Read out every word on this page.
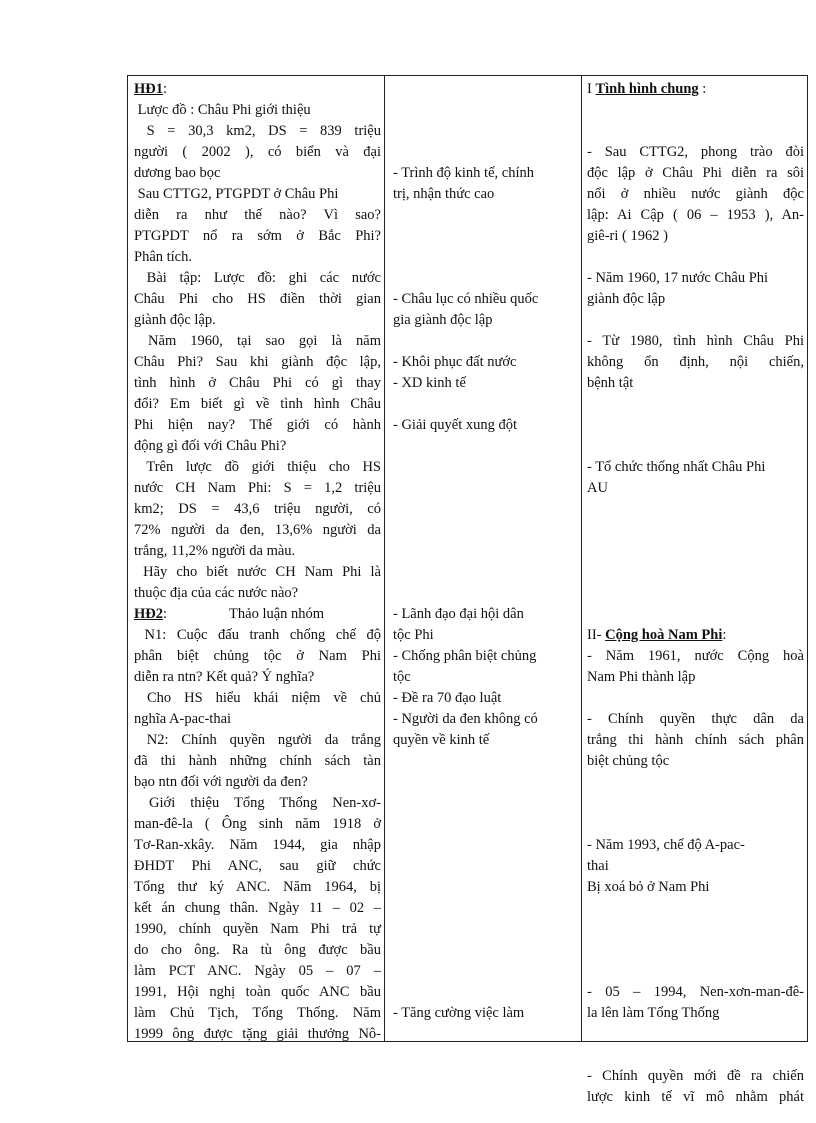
HĐ1:
Lược đồ : Châu Phi giới thiệu
S = 30,3 km2, DS = 839 triệu
người ( 2002 ), có biển và đại
dương bao bọc
Sau CTTG2, PTGPDT ở Châu Phi
diễn ra như thế nào? Vì sao?
PTGPDT nổ ra sớm ở Bắc Phi?
Phân tích.
Bài tập: Lược đồ: ghi các nước
Châu Phi cho HS điền thời gian
giành độc lập.
Năm 1960, tại sao gọi là năm
Châu Phi? Sau khi giành độc lập,
tình hình ở Châu Phi có gì thay
đổi? Em biết gì về tình hình Châu
Phi hiện nay? Thế giới có hành
động gì đối với Châu Phi?
Trên lược đồ giới thiệu cho HS
nước CH Nam Phi: S = 1,2 triệu
km2; DS = 43,6 triệu người, có
72% người da đen, 13,6% người da
trắng, 11,2% người da màu.
Hãy cho biết nước CH Nam Phi là
thuộc địa của các nước nào?
HĐ2:	Thảo luận nhóm
N1: Cuộc đấu tranh chống chế độ
phân biệt chủng tộc ở Nam Phi
diễn ra ntn? Kết quả? Ý nghĩa?
Cho HS hiểu khái niệm về chủ
nghĩa A-pac-thai
N2: Chính quyền người da trắng
đã thi hành những chính sách tàn
bạo ntn đối với người da đen?
Giới thiệu Tổng Thống Nen-xơ-
man-đê-la ( Ông sinh năm 1918 ở
Tơ-Ran-xkây. Năm 1944, gia nhập
ĐHDT Phi ANC, sau giữ chức
Tổng thư ký ANC. Năm 1964, bị
kết án chung thân. Ngày 11 – 02 –
1990, chính quyền Nam Phi trả tự
do cho ông. Ra tù ông được bầu
làm PCT ANC. Ngày 05 – 07 –
1991, Hội nghị toàn quốc ANC bầu
làm Chủ Tịch, Tổng Thống. Năm
1999 ông được tặng giải thưởng Nô-
- Trình độ kinh tế, chính
trị, nhận thức cao
- Châu lục có nhiều quốc
gia giành độc lập
- Khôi phục đất nước
- XD kinh tế
- Giải quyết xung đột
- Lãnh đạo đại hội dân
tộc Phi
- Chống phân biệt chủng
tộc
- Đề ra 70 đạo luật
- Người da đen không có
quyền về kinh tế
- Tăng cường việc làm
I Tình hình chung :
- Sau CTTG2, phong trào đòi
độc lập ở Châu Phi diễn ra sôi
nổi ở nhiều nước giành độc
lập: Ai Cập ( 06 – 1953 ), An-
giê-ri ( 1962 )
- Năm 1960, 17 nước Châu Phi
giành độc lập
- Từ 1980, tình hình Châu Phi
không ổn định, nội chiến,
bệnh tật
- Tổ chức thống nhất Châu Phi
AU
II- Cộng hoà Nam Phi:
- Năm 1961, nước Cộng hoà
Nam Phi thành lập
- Chính quyền thực dân da
trắng thi hành chính sách phân
biệt chủng tộc
- Năm 1993, chế độ A-pac-
thai
Bị xoá bỏ ở Nam Phi
- 05 – 1994, Nen-xơn-man-đê-
la lên làm Tổng Thống
- Chính quyền mới đề ra chiến
lược kinh tế vĩ mô nhằm phát
